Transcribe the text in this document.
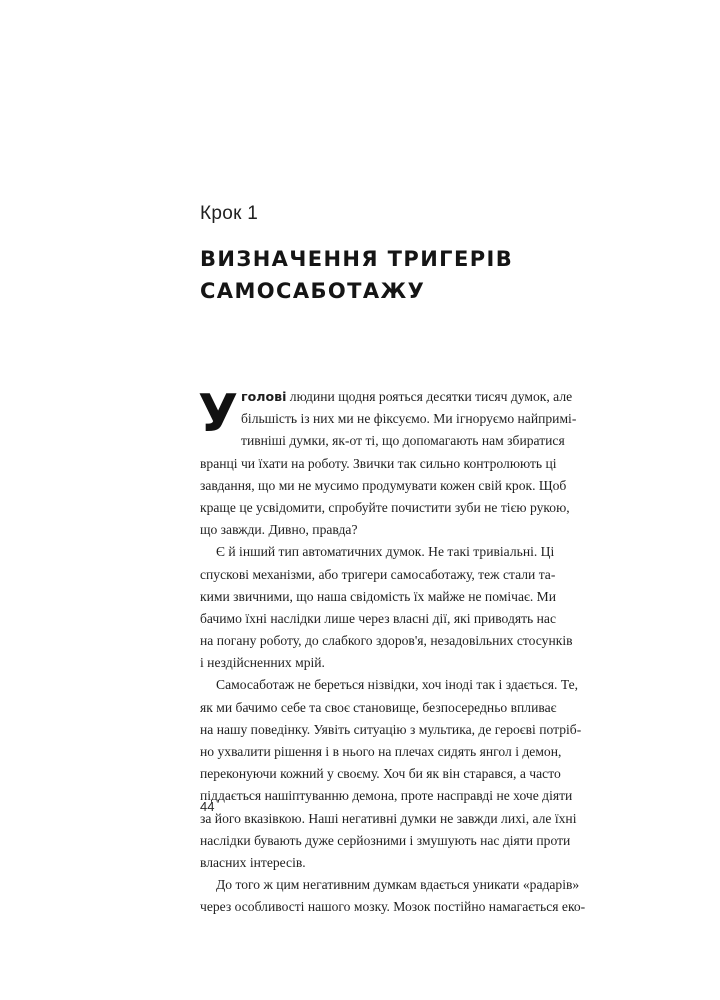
Крок 1
ВИЗНАЧЕННЯ ТРИГЕРІВ
САМОСАБОТАЖУ
У голові людини щодня рояться десятки тисяч думок, але
більшість із них ми не фіксуємо. Ми ігноруємо найпримі-
тивніші думки, як-от ті, що допомагають нам збиратися
вранці чи їхати на роботу. Звички так сильно контролюють ці
завдання, що ми не мусимо продумувати кожен свій крок. Щоб
краще це усвідомити, спробуйте почистити зуби не тією рукою,
що завжди. Дивно, правда?
Є й інший тип автоматичних думок. Не такі тривіальні. Ці
спускові механізми, або тригери самосаботажу, теж стали та-
кими звичними, що наша свідомість їх майже не помічає. Ми
бачимо їхні наслідки лише через власні дії, які приводять нас
на погану роботу, до слабкого здоров'я, незадовільних стосунків
і нездійсненних мрій.
Самосаботаж не береться нізвідки, хоч іноді так і здається. Те,
як ми бачимо себе та своє становище, безпосередньо впливає
на нашу поведінку. Уявіть ситуацію з мультика, де героєві потріб-
но ухвалити рішення і в нього на плечах сидять янгол і демон,
переконуючи кожний у своєму. Хоч би як він старався, а часто
піддається нашіптуванню демона, проте насправді не хоче діяти
за його вказівкою. Наші негативні думки не завжди лихі, але їхні
наслідки бувають дуже серйозними і змушують нас діяти проти
власних інтересів.
До того ж цим негативним думкам вдається уникати «радарів»
через особливості нашого мозку. Мозок постійно намагається еко-
44
